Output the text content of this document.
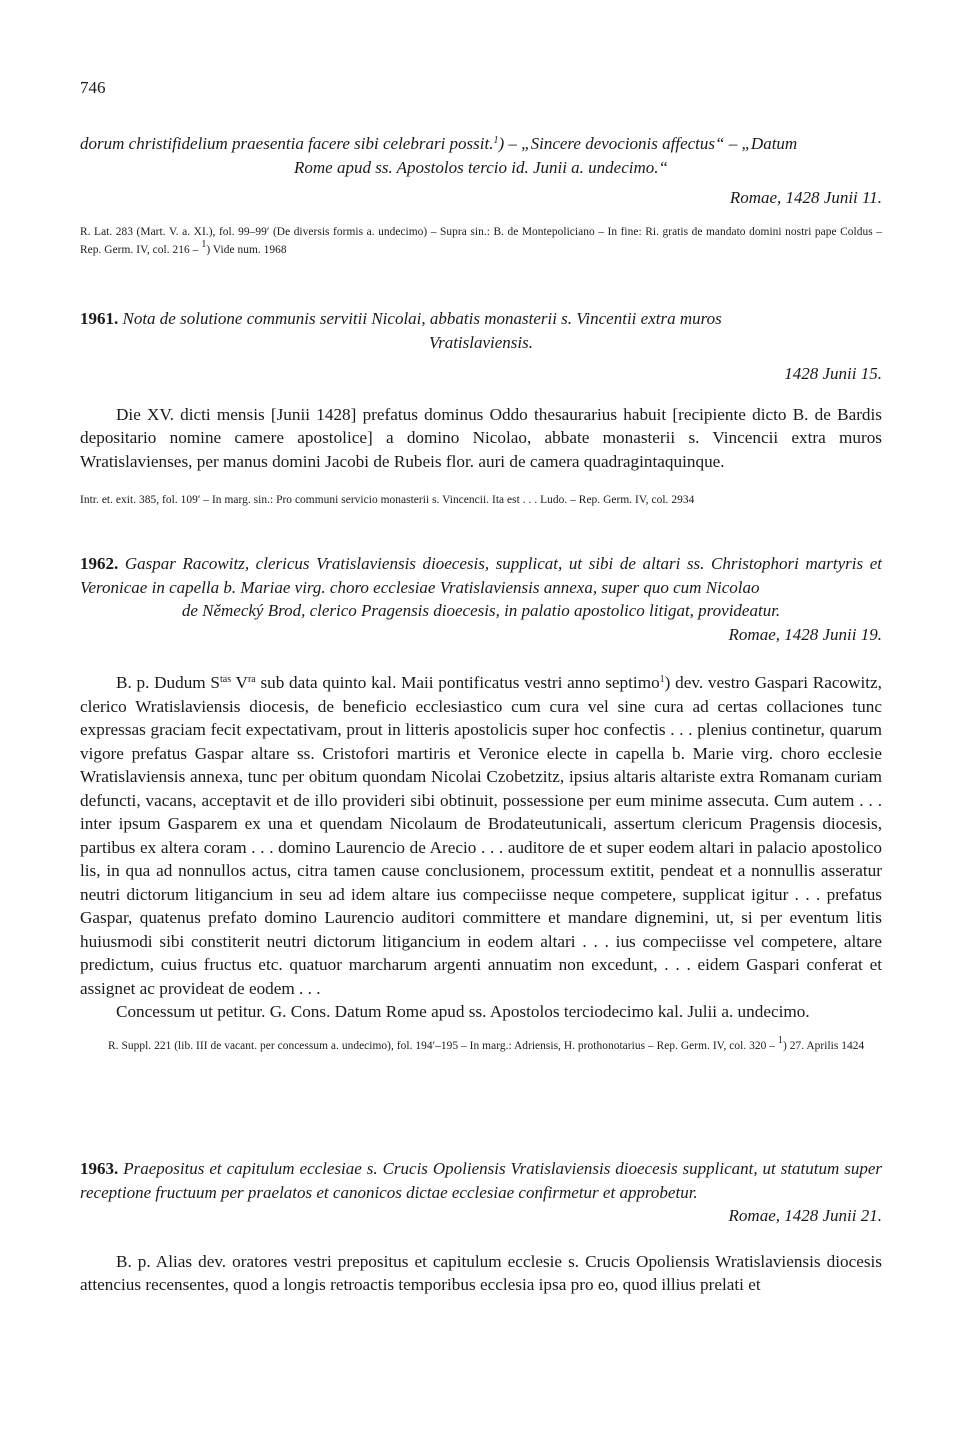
746
dorum christifidelium praesentia facere sibi celebrari possit.$^1$) – „Sincere devocionis affectus“ – „Datum
Rome apud ss. Apostolos tercio id. Junii a. undecimo.“
Romae, 1428 Junii 11.
R. Lat. 283 (Mart. V. a. XI.), fol. 99–99′ (De diversis formis a. undecimo) – Supra sin.: B. de Montepoliciano – In fine: Ri. gratis de mandato domini nostri pape Coldus – Rep. Germ. IV, col. 216 – $^1$) Vide num. 1968
1961. Nota de solutione communis servitii Nicolai, abbatis monasterii s. Vincentii extra muros
Vratislaviensis.
1428 Junii 15.
Die XV. dicti mensis [Junii 1428] prefatus dominus Oddo thesaurarius habuit [recipiente dicto B. de Bardis depositario nomine camere apostolice] a domino Nicolao, abbate monasterii s. Vincencii extra muros Wratislavienses, per manus domini Jacobi de Rubeis flor. auri de camera quadragintaquinque.
Intr. et. exit. 385, fol. 109′ – In marg. sin.: Pro communi servicio monasterii s. Vincencii. Ita est . . . Ludo. – Rep. Germ. IV, col. 2934
1962. Gaspar Racowitz, clericus Vratislaviensis dioecesis, supplicat, ut sibi de altari ss. Christophori martyris et Veronicae in capella b. Mariae virg. choro ecclesiae Vratislaviensis annexa, super quo cum Nicolao
de Německý Brod, clerico Pragensis dioecesis, in palatio apostolico litigat, provideatur.
Romae, 1428 Junii 19.
B. p. Dudum $S^{tas}$ $V^{ra}$ sub data quinto kal. Maii pontificatus vestri anno septimo$^1$) dev. vestro Gaspari Racowitz, clerico Wratislaviensis diocesis, de beneficio ecclesiastico cum cura vel sine cura ad certas collaciones tunc expressas graciam fecit expectativam, prout in litteris apostolicis super hoc confectis . . . plenius continetur, quarum vigore prefatus Gaspar altare ss. Cristofori martiris et Veronice electe in capella b. Marie virg. choro ecclesie Wratislaviensis annexa, tunc per obitum quondam Nicolai Czobetzitz, ipsius altaris altariste extra Romanam curiam defuncti, vacans, acceptavit et de illo provideri sibi obtinuit, possessione per eum minime assecuta. Cum autem . . . inter ipsum Gasparem ex una et quendam Nicolaum de Brodateutunicali, assertum clericum Pragensis diocesis, partibus ex altera coram . . . domino Laurencio de Arecio . . . auditore de et super eodem altari in palacio apostolico lis, in qua ad nonnullos actus, citra tamen cause conclusionem, processum extitit, pendeat et a nonnullis asseratur neutri dictorum litigancium in seu ad idem altare ius compeciisse neque competere, supplicat igitur . . . prefatus Gaspar, quatenus prefato domino Laurencio auditori committere et mandare dignemini, ut, si per eventum litis huiusmodi sibi constiterit neutri dictorum litigancium in eodem altari . . . ius compeciisse vel competere, altare predictum, cuius fructus etc. quatuor marcharum argenti annuatim non excedunt, . . . eidem Gaspari conferat et assignet ac provideat de eodem . . .
Concessum ut petitur. G. Cons. Datum Rome apud ss. Apostolos terciodecimo kal. Julii a. undecimo.
R. Suppl. 221 (lib. III de vacant. per concessum a. undecimo), fol. 194′–195 – In marg.: Adriensis, H. prothonotarius – Rep. Germ. IV, col. 320 – $^1$) 27. Aprilis 1424
1963. Praepositus et capitulum ecclesiae s. Crucis Opoliensis Vratislaviensis dioecesis supplicant, ut statutum super receptione fructuum per praelatos et canonicos dictae ecclesiae confirmetur et approbetur.
Romae, 1428 Junii 21.
B. p. Alias dev. oratores vestri prepositus et capitulum ecclesie s. Crucis Opoliensis Wratislaviensis diocesis attencius recensentes, quod a longis retroactis temporibus ecclesia ipsa pro eo, quod illius prelati et
